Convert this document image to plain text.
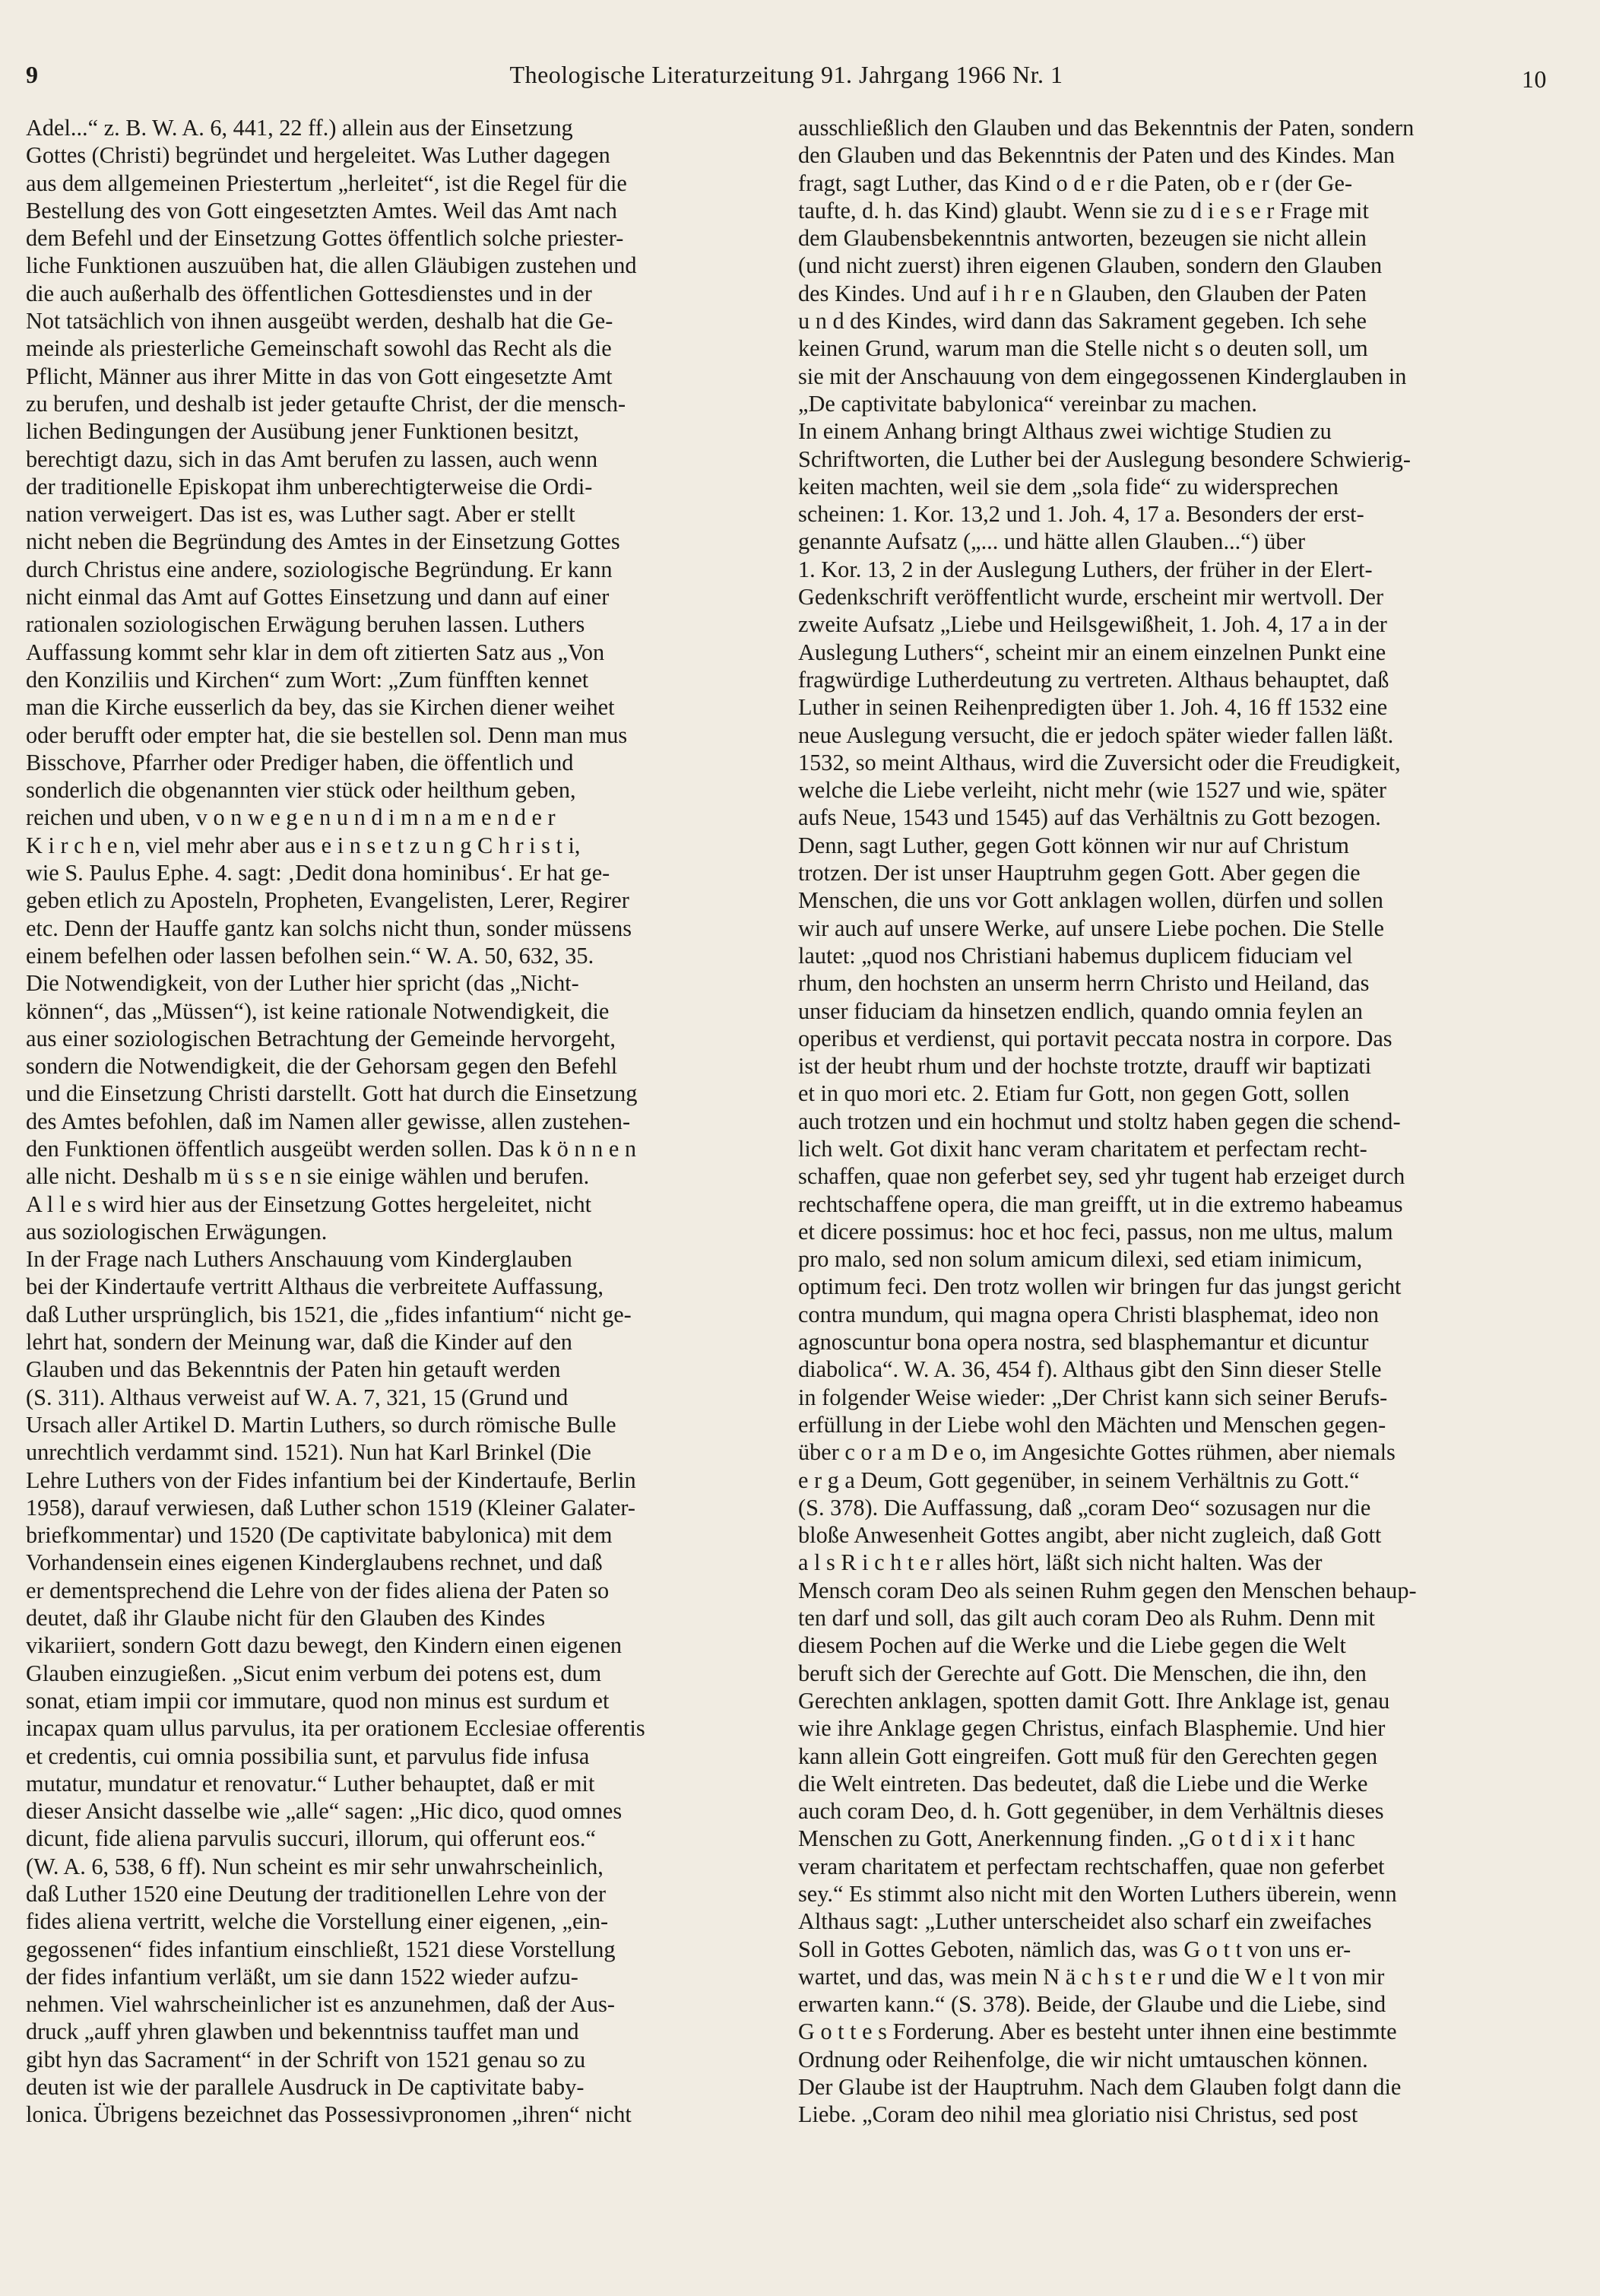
9	Theologische Literaturzeitung 91. Jahrgang 1966 Nr. 1	10
Adel...“ z. B. W. A. 6, 441, 22 ff.) allein aus der Einsetzung
Gottes (Christi) begründet und hergeleitet. Was Luther dagegen
aus dem allgemeinen Priestertum „herleitet“, ist die Regel für die
Bestellung des von Gott eingesetzten Amtes. Weil das Amt nach
dem Befehl und der Einsetzung Gottes öffentlich solche priester-
liche Funktionen auszuüben hat, die allen Gläubigen zustehen und
die auch außerhalb des öffentlichen Gottesdienstes und in der
Not tatsächlich von ihnen ausgeübt werden, deshalb hat die Ge-
meinde als priesterliche Gemeinschaft sowohl das Recht als die
Pflicht, Männer aus ihrer Mitte in das von Gott eingesetzte Amt
zu berufen, und deshalb ist jeder getaufte Christ, der die mensch-
lichen Bedingungen der Ausübung jener Funktionen besitzt,
berechtigt dazu, sich in das Amt berufen zu lassen, auch wenn
der traditionelle Episkopat ihm unberechtigterweise die Ordi-
nation verweigert. Das ist es, was Luther sagt. Aber er stellt
nicht neben die Begründung des Amtes in der Einsetzung Gottes
durch Christus eine andere, soziologische Begründung. Er kann
nicht einmal das Amt auf Gottes Einsetzung und dann auf einer
rationalen soziologischen Erwägung beruhen lassen. Luthers
Auffassung kommt sehr klar in dem oft zitierten Satz aus „Von
den Konziliis und Kirchen“ zum Wort: „Zum fünfften kennet
man die Kirche eusserlich da bey, das sie Kirchen diener weihet
oder berufft oder empter hat, die sie bestellen sol. Denn man mus
Bisschove, Pfarrher oder Prediger haben, die öffentlich und
sonderlich die obgenannten vier stück oder heilthum geben,
reichen und uben, v o n w e g e n u n d i m n a m e n d e r
K i r c h e n, viel mehr aber aus e i n s e t z u n g C h r i s t i,
wie S. Paulus Ephe. 4. sagt: ‚Dedit dona hominibus‘. Er hat ge-
geben etlich zu Aposteln, Propheten, Evangelisten, Lerer, Regirer
etc. Denn der Hauffe gantz kan solchs nicht thun, sonder müssens
einem befelhen oder lassen befolhen sein.“ W. A. 50, 632, 35.
Die Notwendigkeit, von der Luther hier spricht (das „Nicht-
können“, das „Müssen“), ist keine rationale Notwendigkeit, die
aus einer soziologischen Betrachtung der Gemeinde hervorgeht,
sondern die Notwendigkeit, die der Gehorsam gegen den Befehl
und die Einsetzung Christi darstellt. Gott hat durch die Einsetzung
des Amtes befohlen, daß im Namen aller gewisse, allen zustehen-
den Funktionen öffentlich ausgeübt werden sollen. Das k ö n n e n
alle nicht. Deshalb m ü s s e n sie einige wählen und berufen.
A l l e s wird hier aus der Einsetzung Gottes hergeleitet, nicht
aus soziologischen Erwägungen.
In der Frage nach Luthers Anschauung vom Kinderglauben
bei der Kindertaufe vertritt Althaus die verbreitete Auffassung,
daß Luther ursprünglich, bis 1521, die „fides infantium“ nicht ge-
lehrt hat, sondern der Meinung war, daß die Kinder auf den
Glauben und das Bekenntnis der Paten hin getauft werden
(S. 311). Althaus verweist auf W. A. 7, 321, 15 (Grund und
Ursach aller Artikel D. Martin Luthers, so durch römische Bulle
unrechtlich verdammt sind. 1521). Nun hat Karl Brinkel (Die
Lehre Luthers von der Fides infantium bei der Kindertaufe, Berlin
1958), darauf verwiesen, daß Luther schon 1519 (Kleiner Galater-
briefkommentar) und 1520 (De captivitate babylonica) mit dem
Vorhandensein eines eigenen Kinderglaubens rechnet, und daß
er dementsprechend die Lehre von der fides aliena der Paten so
deutet, daß ihr Glaube nicht für den Glauben des Kindes
vikariiert, sondern Gott dazu bewegt, den Kindern einen eigenen
Glauben einzugießen. „Sicut enim verbum dei potens est, dum
sonat, etiam impii cor immutare, quod non minus est surdum et
incapax quam ullus parvulus, ita per orationem Ecclesiae offerentis
et credentis, cui omnia possibilia sunt, et parvulus fide infusa
mutatur, mundatur et renovatur.“ Luther behauptet, daß er mit
dieser Ansicht dasselbe wie „alle“ sagen: „Hic dico, quod omnes
dicunt, fide aliena parvulis succuri, illorum, qui offerunt eos.“
(W. A. 6, 538, 6 ff). Nun scheint es mir sehr unwahrscheinlich,
daß Luther 1520 eine Deutung der traditionellen Lehre von der
fides aliena vertritt, welche die Vorstellung einer eigenen, „ein-
gegossenen“ fides infantium einschließt, 1521 diese Vorstellung
der fides infantium verläßt, um sie dann 1522 wieder aufzu-
nehmen. Viel wahrscheinlicher ist es anzunehmen, daß der Aus-
druck „auff yhren glawben und bekenntniss tauffet man und
gibt hyn das Sacrament“ in der Schrift von 1521 genau so zu
deuten ist wie der parallele Ausdruck in De captivitate baby-
lonica. Übrigens bezeichnet das Possessivpronomen „ihren“ nicht
ausschließlich den Glauben und das Bekenntnis der Paten, sondern
den Glauben und das Bekenntnis der Paten und des Kindes. Man
fragt, sagt Luther, das Kind o d e r die Paten, ob e r (der Ge-
taufte, d. h. das Kind) glaubt. Wenn sie zu d i e s e r Frage mit
dem Glaubensbekenntnis antworten, bezeugen sie nicht allein
(und nicht zuerst) ihren eigenen Glauben, sondern den Glauben
des Kindes. Und auf i h r e n Glauben, den Glauben der Paten
u n d des Kindes, wird dann das Sakrament gegeben. Ich sehe
keinen Grund, warum man die Stelle nicht s o deuten soll, um
sie mit der Anschauung von dem eingegossenen Kinderglauben in
„De captivitate babylonica“ vereinbar zu machen.
In einem Anhang bringt Althaus zwei wichtige Studien zu
Schriftworten, die Luther bei der Auslegung besondere Schwierig-
keiten machten, weil sie dem „sola fide“ zu widersprechen
scheinen: 1. Kor. 13,2 und 1. Joh. 4, 17 a. Besonders der erst-
genannte Aufsatz („... und hätte allen Glauben...“) über
1. Kor. 13, 2 in der Auslegung Luthers, der früher in der Elert-
Gedenkschrift veröffentlicht wurde, erscheint mir wertvoll. Der
zweite Aufsatz „Liebe und Heilsgewißheit, 1. Joh. 4, 17 a in der
Auslegung Luthers“, scheint mir an einem einzelnen Punkt eine
fragwürdige Lutherdeutung zu vertreten. Althaus behauptet, daß
Luther in seinen Reihenpredigten über 1. Joh. 4, 16 ff 1532 eine
neue Auslegung versucht, die er jedoch später wieder fallen läßt.
1532, so meint Althaus, wird die Zuversicht oder die Freudigkeit,
welche die Liebe verleiht, nicht mehr (wie 1527 und wie, später
aufs Neue, 1543 und 1545) auf das Verhältnis zu Gott bezogen.
Denn, sagt Luther, gegen Gott können wir nur auf Christum
trotzen. Der ist unser Hauptruhm gegen Gott. Aber gegen die
Menschen, die uns vor Gott anklagen wollen, dürfen und sollen
wir auch auf unsere Werke, auf unsere Liebe pochen. Die Stelle
lautet: „quod nos Christiani habemus duplicem fiduciam vel
rhum, den hochsten an unserm herrn Christo und Heiland, das
unser fiduciam da hinsetzen endlich, quando omnia feylen an
operibus et verdienst, qui portavit peccata nostra in corpore. Das
ist der heubt rhum und der hochste trotzte, drauff wir baptizati
et in quo mori etc. 2. Etiam fur Gott, non gegen Gott, sollen
auch trotzen und ein hochmut und stoltz haben gegen die schend-
lich welt. Got dixit hanc veram charitatem et perfectam recht-
schaffen, quae non geferbet sey, sed yhr tugent hab erzeiget durch
rechtschaffene opera, die man greifft, ut in die extremo habeamus
et dicere possimus: hoc et hoc feci, passus, non me ultus, malum
pro malo, sed non solum amicum dilexi, sed etiam inimicum,
optimum feci. Den trotz wollen wir bringen fur das jungst gericht
contra mundum, qui magna opera Christi blasphemat, ideo non
agnoscuntur bona opera nostra, sed blasphemantur et dicuntur
diabolica“. W. A. 36, 454 f). Althaus gibt den Sinn dieser Stelle
in folgender Weise wieder: „Der Christ kann sich seiner Berufs-
erfüllung in der Liebe wohl den Mächten und Menschen gegen-
über c o r a m D e o, im Angesichte Gottes rühmen, aber niemals
e r g a Deum, Gott gegenüber, in seinem Verhältnis zu Gott.“
(S. 378). Die Auffassung, daß „coram Deo“ sozusagen nur die
bloße Anwesenheit Gottes angibt, aber nicht zugleich, daß Gott
a l s R i c h t e r alles hört, läßt sich nicht halten. Was der
Mensch coram Deo als seinen Ruhm gegen den Menschen behaup-
ten darf und soll, das gilt auch coram Deo als Ruhm. Denn mit
diesem Pochen auf die Werke und die Liebe gegen die Welt
beruft sich der Gerechte auf Gott. Die Menschen, die ihn, den
Gerechten anklagen, spotten damit Gott. Ihre Anklage ist, genau
wie ihre Anklage gegen Christus, einfach Blasphemie. Und hier
kann allein Gott eingreifen. Gott muß für den Gerechten gegen
die Welt eintreten. Das bedeutet, daß die Liebe und die Werke
auch coram Deo, d. h. Gott gegenüber, in dem Verhältnis dieses
Menschen zu Gott, Anerkennung finden. „G o t d i x i t hanc
veram charitatem et perfectam rechtschaffen, quae non geferbet
sey.“ Es stimmt also nicht mit den Worten Luthers überein, wenn
Althaus sagt: „Luther unterscheidet also scharf ein zweifaches
Soll in Gottes Geboten, nämlich das, was G o t t von uns er-
wartet, und das, was mein N ä c h s t e r und die W e l t von mir
erwarten kann.“ (S. 378). Beide, der Glaube und die Liebe, sind
G o t t e s Forderung. Aber es besteht unter ihnen eine bestimmte
Ordnung oder Reihenfolge, die wir nicht umtauschen können.
Der Glaube ist der Hauptruhm. Nach dem Glauben folgt dann die
Liebe. „Coram deo nihil mea gloriatio nisi Christus, sed post
